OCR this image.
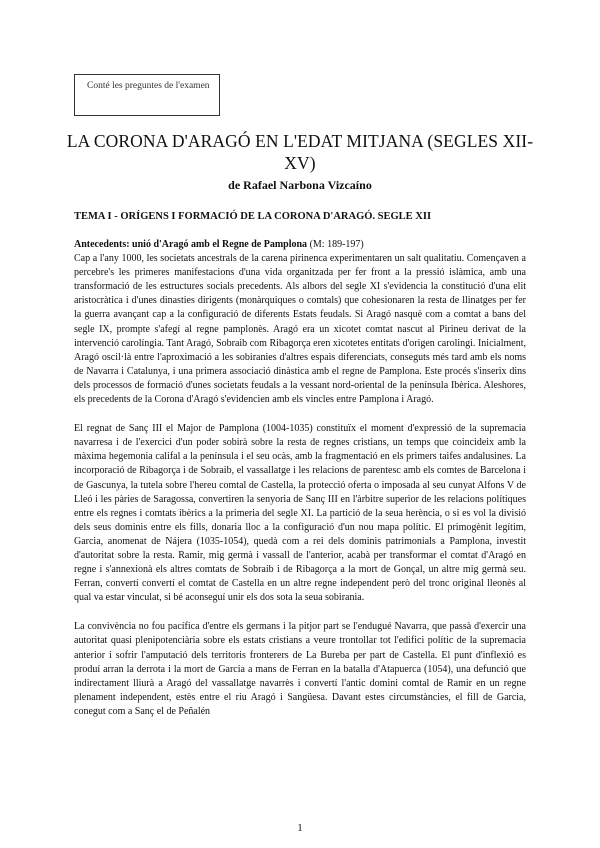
Conté les preguntes de l'examen
LA CORONA D'ARAGÓ EN L'EDAT MITJANA (SEGLES XII-XV)
de Rafael Narbona Vizcaíno
TEMA I - ORÍGENS I FORMACIÓ DE LA CORONA D'ARAGÓ. SEGLE XII

Antecedents: unió d'Aragó amb el Regne de Pamplona (M: 189-197)
Cap a l'any 1000, les societats ancestrals de la carena pirinenca experimentaren un salt qualitatiu. Començaven a percebre's les primeres manifestacions d'una vida organitzada per fer front a la pressió islàmica, amb una transformació de les estructures socials precedents. Als albors del segle XI s'evidencia la constitució d'una elit aristocràtica i d'unes dinasties dirigents (monàrquiques o comtals) que cohesionaren la resta de llinatges per fer la guerra avançant cap a la configuració de diferents Estats feudals. Si Aragó nasquè com a comtat a bans del segle IX, prompte s'afegí al regne pamplonès. Aragó era un xicotet comtat nascut al Pirineu derivat de la intervenció carolíngia. Tant Aragó, Sobraib com Ribagorça eren xicotetes entitats d'origen carolingi. Inicialment, Aragó oscil·là entre l'aproximació a les sobiranies d'altres espais diferenciats, conseguts més tard amb els noms de Navarra i Catalunya, i una primera associació dinàstica amb el regne de Pamplona. Este procés s'inserix dins dels processos de formació d'unes societats feudals a la vessant nord-oriental de la península Ibèrica. Aleshores, els precedents de la Corona d'Aragó s'evidencien amb els vincles entre Pamplona i Aragó.

El regnat de Sanç III el Major de Pamplona (1004-1035) constituïx el moment d'expressió de la supremacia navarresa i de l'exercici d'un poder sobirà sobre la resta de regnes cristians, un temps que coincideix amb la màxima hegemonia califal a la península i el seu ocàs, amb la fragmentació en els primers taifes andalusines. La incorporació de Ribagorça i de Sobraib, el vassallatge i les relacions de parentesc amb els comtes de Barcelona i de Gascunya, la tutela sobre l'hereu comtal de Castella, la protecció oferta o imposada al seu cunyat Alfons V de Lleó i les pàries de Saragossa, convertiren la senyoria de Sanç III en l'àrbitre superior de les relacions polítiques entre els regnes i comtats ibèrics a la primeria del segle XI. La partició de la seua herència, o si es vol la divisió dels seus dominis entre els fills, donaria lloc a la configuració d'un nou mapa polític. El primogènit legítim, Garcia, anomenat de Nájera (1035-1054), quedà com a rei dels dominis patrimonials a Pamplona, investit d'autoritat sobre la resta. Ramir, mig germà i vassall de l'anterior, acabà per transformar el comtat d'Aragó en regne i s'annexionà els altres comtats de Sobraib i de Ribagorça a la mort de Gonçal, un altre mig germà seu. Ferran, convertí convertí el comtat de Castella en un altre regne independent però del tronc original lleonès al qual va estar vinculat, si bé aconseguí unir els dos sota la seua sobirania.

La convivència no fou pacífica d'entre els germans i la pitjor part se l'endugué Navarra, que passà d'exercir una autoritat quasi plenipotenciària sobre els estats cristians a veure trontollar tot l'edifici polític de la supremacia anterior i sofrir l'amputació dels territoris fronterers de La Bureba per part de Castella. El punt d'inflexió es produí arran la derrota i la mort de Garcia a mans de Ferran en la batalla d'Atapuerca (1054), una defunció que indirectament lliurà a Aragó del vassallatge navarrès i convertí l'antic domini comtal de Ramir en un regne plenament independent, estès entre el riu Aragó i Sangüesa. Davant estes circumstàncies, el fill de Garcia, conegut com a Sanç el de Peñalén

1
